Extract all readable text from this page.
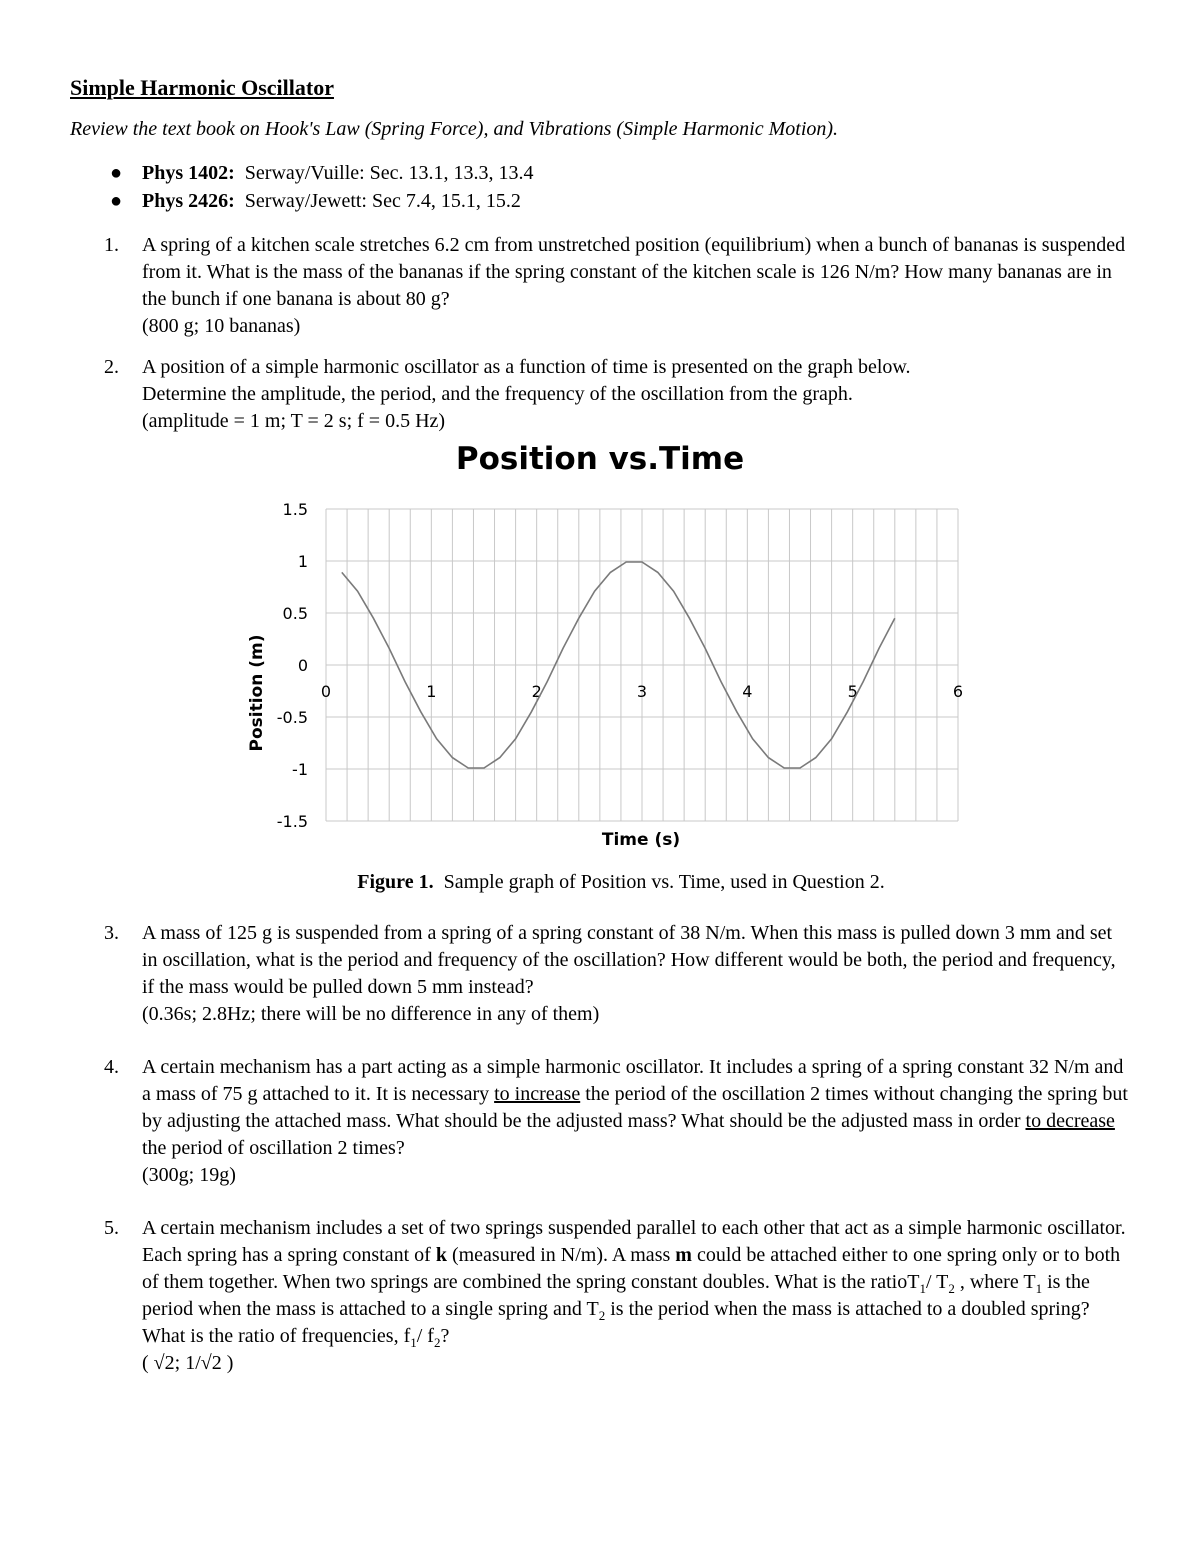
Simple Harmonic Oscillator
Review the text book on Hook's Law (Spring Force), and Vibrations (Simple Harmonic Motion).
● Phys 1402: Serway/Vuille: Sec. 13.1, 13.3, 13.4
● Phys 2426: Serway/Jewett: Sec 7.4, 15.1, 15.2
1. A spring of a kitchen scale stretches 6.2 cm from unstretched position (equilibrium) when a bunch of bananas is suspended from it. What is the mass of the bananas if the spring constant of the kitchen scale is 126 N/m? How many bananas are in the bunch if one banana is about 80 g?
(800 g; 10 bananas)
2. A position of a simple harmonic oscillator as a function of time is presented on the graph below.
Determine the amplitude, the period, and the frequency of the oscillation from the graph.
(amplitude = 1 m; T = 2 s; f = 0.5 Hz)
Position vs.Time
1.5
1
0.5
0
-0.5
-1
-1.5
0	1	2	3	4	5	6
Time (s)
Position (m)
Figure 1. Sample graph of Position vs. Time, used in Question 2.
3. A mass of 125 g is suspended from a spring of a spring constant of 38 N/m. When this mass is pulled down 3 mm and set in oscillation, what is the period and frequency of the oscillation? How different would be both, the period and frequency, if the mass would be pulled down 5 mm instead?
(0.36s; 2.8Hz; there will be no difference in any of them)
4. A certain mechanism has a part acting as a simple harmonic oscillator. It includes a spring of a spring constant 32 N/m and a mass of 75 g attached to it. It is necessary to increase the period of the oscillation 2 times without changing the spring but by adjusting the attached mass. What should be the adjusted mass? What should be the adjusted mass in order to decrease the period of oscillation 2 times?
(300g; 19g)
5. A certain mechanism includes a set of two springs suspended parallel to each other that act as a simple harmonic oscillator. Each spring has a spring constant of k (measured in N/m). A mass m could be attached either to one spring only or to both of them together. When two springs are combined the spring constant doubles. What is the ratioT$_1$/ $T_2$ , where $T_1$ is the period when the mass is attached to a single spring and $T_2$ is the period when the mass is attached to a doubled spring? What is the ratio of frequencies, $f_1/$ $f_2$?
( √2; 1/√2 )
